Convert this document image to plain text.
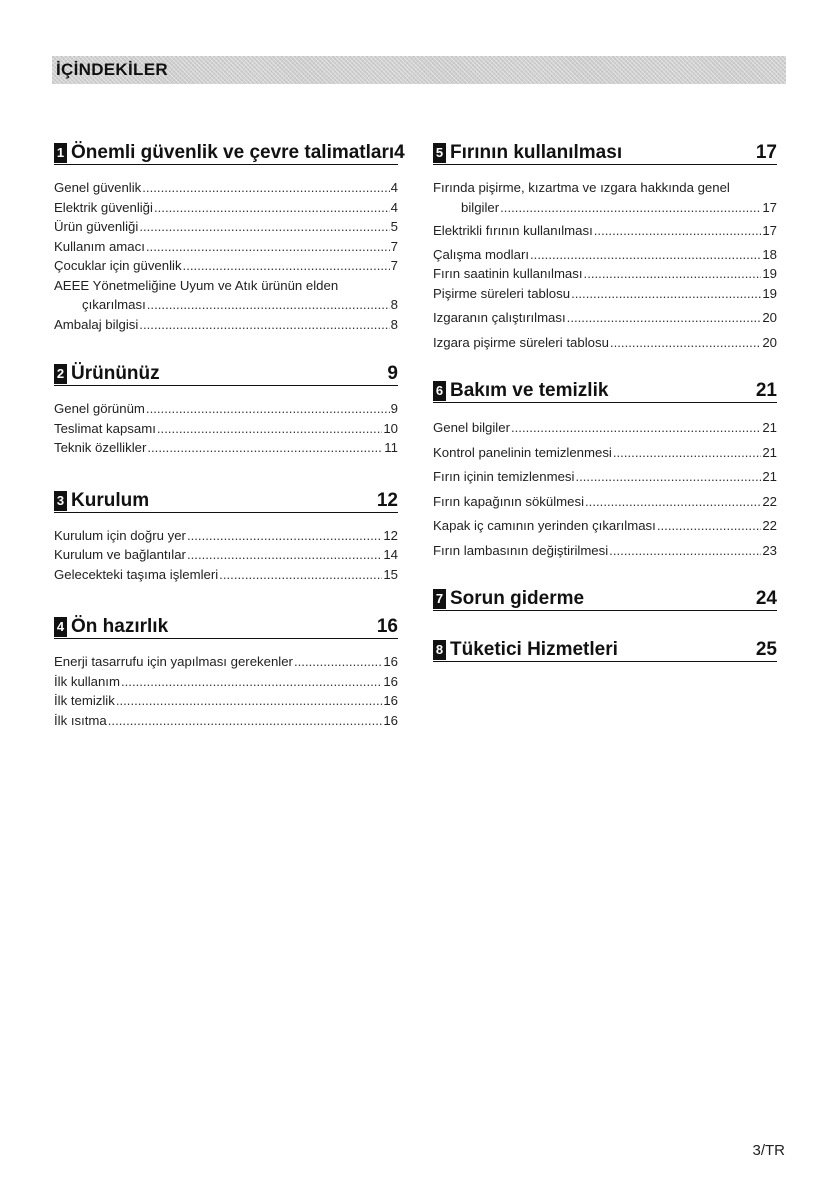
İÇİNDEKİLER
1 Önemli güvenlik ve çevre talimatları 4
Genel güvenlik .....	4
Elektrik güvenliği .....	4
Ürün güvenliği .....	5
Kullanım amacı .....	7
Çocuklar için güvenlik .....	7
AEEE Yönetmeliğine Uyum ve Atık ürünün elden
çıkarılması .....	8
Ambalaj bilgisi .....	8
2 Ürününüz	9
Genel görünüm .....	9
Teslimat kapsamı .....	10
Teknik özellikler .....	11
3 Kurulum	12
Kurulum için doğru yer .....	12
Kurulum ve bağlantılar .....	14
Gelecekteki taşıma işlemleri .....	15
4 Ön hazırlık	16
Enerji tasarrufu için yapılması gerekenler .....	16
İlk kullanım .....	16
İlk temizlik .....	16
İlk ısıtma .....	16
5 Fırının kullanılması	17
Fırında pişirme, kızartma ve ızgara hakkında genel
bilgiler .....	17
Elektrikli fırının kullanılması .....	17
Çalışma modları .....	18
Fırın saatinin kullanılması .....	19
Pişirme süreleri tablosu .....	19
Izgaranın çalıştırılması .....	20
Izgara pişirme süreleri tablosu .....	20
6 Bakım ve temizlik	21
Genel bilgiler .....	21
Kontrol panelinin temizlenmesi .....	21
Fırın içinin temizlenmesi .....	21
Fırın kapağının sökülmesi .....	22
Kapak iç camının yerinden çıkarılması .....	22
Fırın lambasının değiştirilmesi .....	23
7 Sorun giderme	24
8 Tüketici Hizmetleri	25
3/TR
